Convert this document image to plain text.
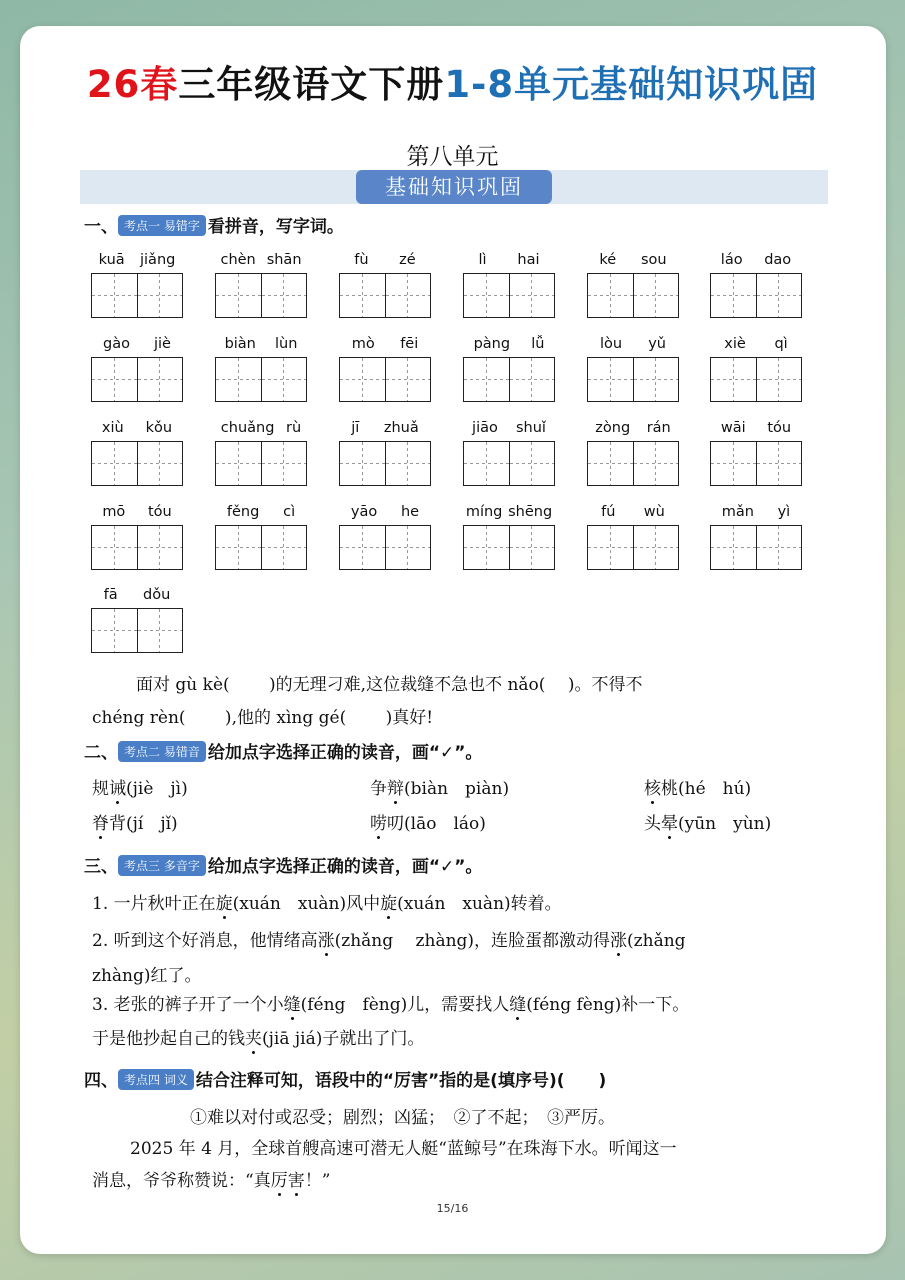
26春三年级语文下册1-8单元基础知识巩固
第八单元
基础知识巩固
一、 考点一 易错字 看拼音，写字词。
kuā jiǎng	chèn shān	fù zé	lì hai	ké sou	láo dao
gào jiè	biàn lùn	mò fēi	pàng lǚ	lòu yǔ	xiè qì
xiù kǒu	chuǎng rù	jī zhuǎ	jiāo shuǐ	zòng rán	wāi tóu
mō tóu	fěng cì	yāo he	míng shēng	fú wù	mǎn yì
fā dǒu
面对 gù kè(　　 )的无理刁难,这位裁缝不急也不 nǎo(　 )。不得不
chéng rèn(　　 ),他的 xìng gé(　　 )真好!
二、 考点二 易错音 给加点字选择正确的读音，画“✓”。
规诫(jiè　jì)	争辩(biàn　piàn)	核桃(hé　hú)
脊背(jí　jǐ)	唠叨(lāo　láo)	头晕(yūn　yùn)
三、 考点三 多音字 给加点字选择正确的读音，画“✓”。
1. 一片秋叶正在旋(xuán　xuàn)风中旋(xuán　xuàn)转着。
2. 听到这个好消息，他情绪高涨(zhǎng　 zhàng)，连脸蛋都激动得涨(zhǎng
zhàng)红了。
3. 老张的裤子开了一个小缝(féng　fèng)儿，需要找人缝(féng fèng)补一下。
于是他抄起自己的钱夹(jiā jiá)子就出了门。
四、 考点四 词义 结合注释可知，语段中的“厉害”指的是(填序号)(　　)
①难以对付或忍受；剧烈；凶猛；　②了不起；　③严厉。
2025 年 4 月，全球首艘高速可潜无人艇“蓝鲸号”在珠海下水。听闻这一
消息，爷爷称赞说：“真厉害！”
15/16
